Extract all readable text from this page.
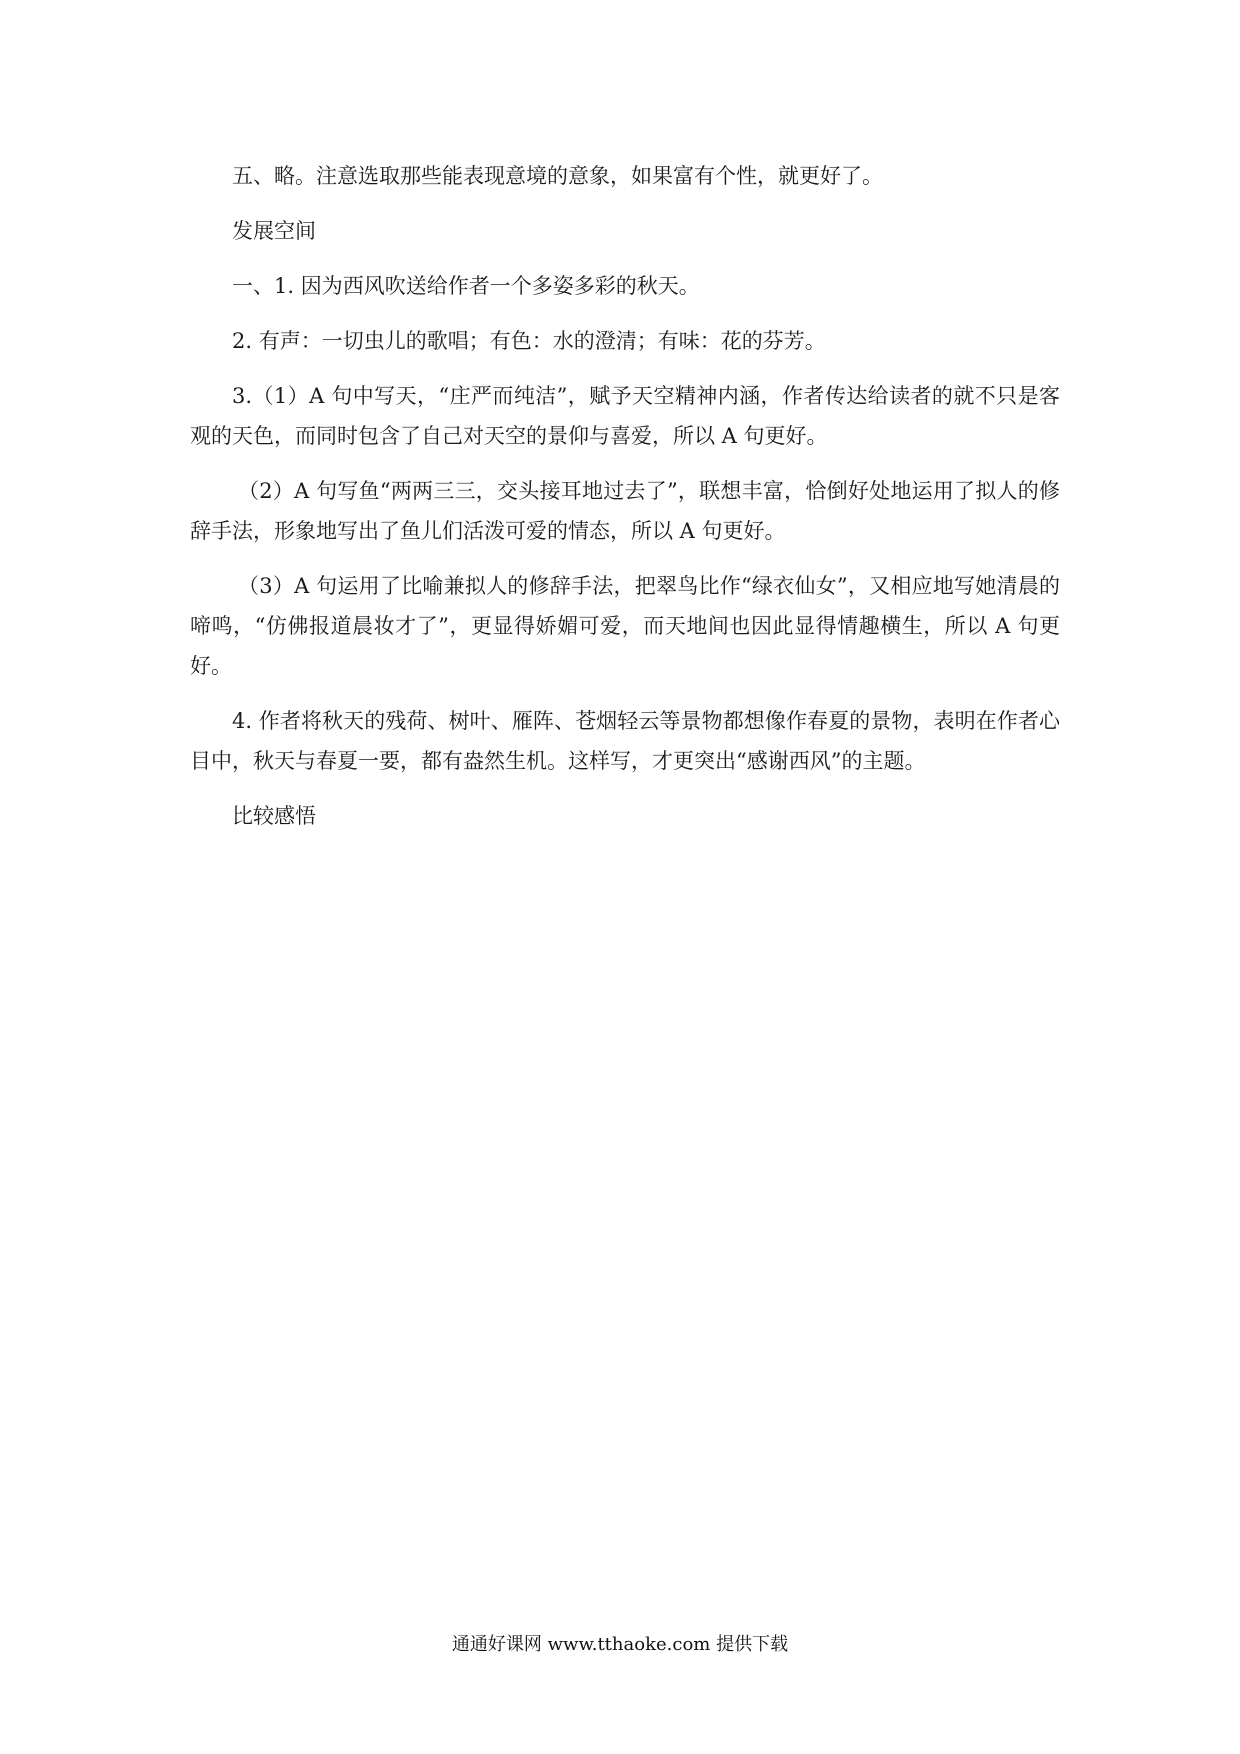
五、略。注意选取那些能表现意境的意象，如果富有个性，就更好了。

发展空间

一、1. 因为西风吹送给作者一个多姿多彩的秋天。

2. 有声：一切虫儿的歌唱；有色：水的澄清；有味：花的芬芳。

3.（1）A 句中写天，“庄严而纯洁”，赋予天空精神内涵，作者传达给读者的就不只是客观的天色，而同时包含了自己对天空的景仰与喜爱，所以 A 句更好。

（2）A 句写鱼“两两三三，交头接耳地过去了”，联想丰富，恰倒好处地运用了拟人的修辞手法，形象地写出了鱼儿们活泼可爱的情态，所以 A 句更好。

（3）A 句运用了比喻兼拟人的修辞手法，把翠鸟比作“绿衣仙女”，又相应地写她清晨的啼鸣，“仿佛报道晨妆才了”，更显得娇媚可爱，而天地间也因此显得情趣横生，所以 A 句更好。

4. 作者将秋天的残荷、树叶、雁阵、苍烟轻云等景物都想像作春夏的景物，表明在作者心目中，秋天与春夏一要，都有盎然生机。这样写，才更突出“感谢西风”的主题。

比较感悟

通通好课网 www.tthaoke.com 提供下载
